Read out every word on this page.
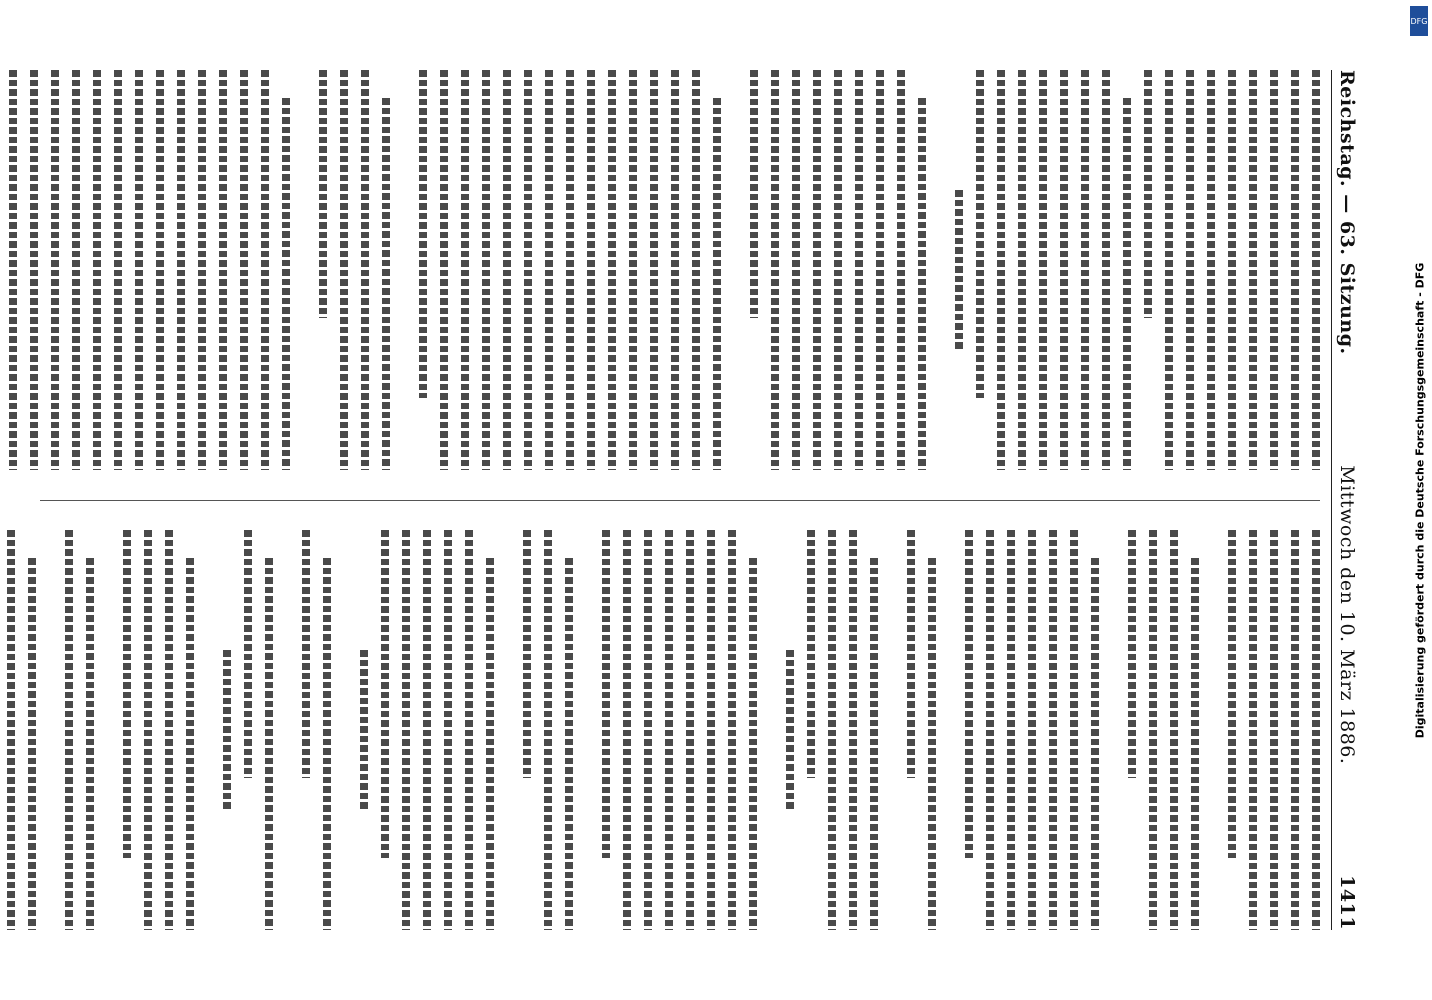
Reichstag. — 63. Sitzung.
Mittwoch den 10. März 1886.
1411
Digitalisierung gefördert durch die Deutsche Forschungsgemeinschaft - DFG
DFG
